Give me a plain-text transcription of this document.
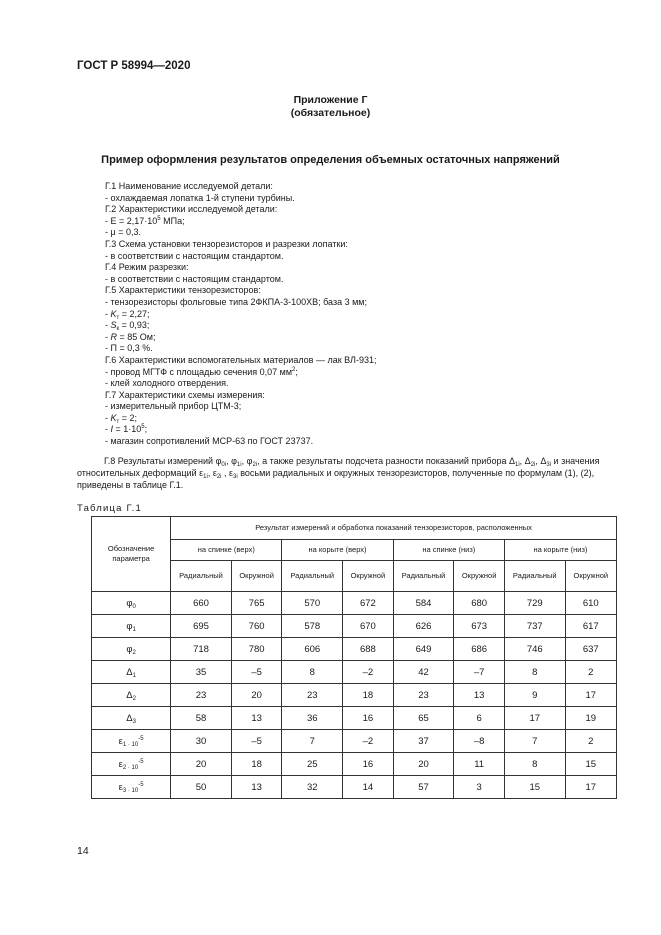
ГОСТ Р 58994—2020
Приложение Г
(обязательное)
Пример оформления результатов определения объемных остаточных напряжений
Г.1 Наименование исследуемой детали:
- охлаждаемая лопатка 1-й ступени турбины.
Г.2 Характеристики исследуемой детали:
- $E = 2,17\cdot 10^5$ МПа;
- μ = 0,3.
Г.3 Схема установки тензорезисторов и разрезки лопатки:
- в соответствии с настоящим стандартом.
Г.4 Режим разрезки:
- в соответствии с настоящим стандартом.
Г.5 Характеристики тензорезисторов:
- тензорезисторы фольговые типа 2ФКПА-3-100ХВ; база 3 мм;
- $K_т = 2,27$;
- $S_к = 0,93$;
- R = 85 Ом;
- П = 0,3 %.
Г.6 Характеристики вспомогательных материалов — лак ВЛ-931;
- провод МГТФ с площадью сечения 0,07 $мм^2$;
- клей холодного отвердения.
Г.7 Характеристики схемы измерения:
- измерительный прибор ЦТМ-3;
- $K_т = 2$;
- $I = 1\cdot 10^5$;
- магазин сопротивлений МСР-63 по ГОСТ 23737.
Г.8 Результаты измерений $\varphi_{0i}$, $\varphi_{1i}$, $\varphi_{2i}$, а также результаты подсчета разности показаний прибора $\Delta_{1i}$, $\Delta_{2i}$, $\Delta_{3i}$ и значения относительных деформаций $\varepsilon_{1i}$, $\varepsilon_{2i}$ , $\varepsilon_{3i}$ восьми радиальных и окружных тензорезисторов, полученные по формулам (1), (2), приведены в таблице Г.1.
Таблица Г.1
Обозначение параметра	Результат измерений и обработка показаний тензорезисторов, расположенных							
	на спинке (верх)		на корыте (верх)		на спинке (низ)		на корыте (низ)	
	Радиальный	Окружной	Радиальный	Окружной	Радиальный	Окружной	Радиальный	Окружной
$\varphi_0$	660	765	570	672	584	680	729	610
$\varphi_1$	695	760	578	670	626	673	737	617
$\varphi_2$	718	780	606	688	649	686	746	637
$\Delta_1$	35	–5	8	–2	42	–7	8	2
$\Delta_2$	23	20	23	18	23	13	9	17
$\Delta_3$	58	13	36	16	65	6	17	19
$\varepsilon_{1 \cdot 10}^{-5}$	30	–5	7	–2	37	–8	7	2
$\varepsilon_{2 \cdot 10}^{-5}$	20	18	25	16	20	11	8	15
$\varepsilon_{3 \cdot 10}^{-5}$	50	13	32	14	57	3	15	17
14
